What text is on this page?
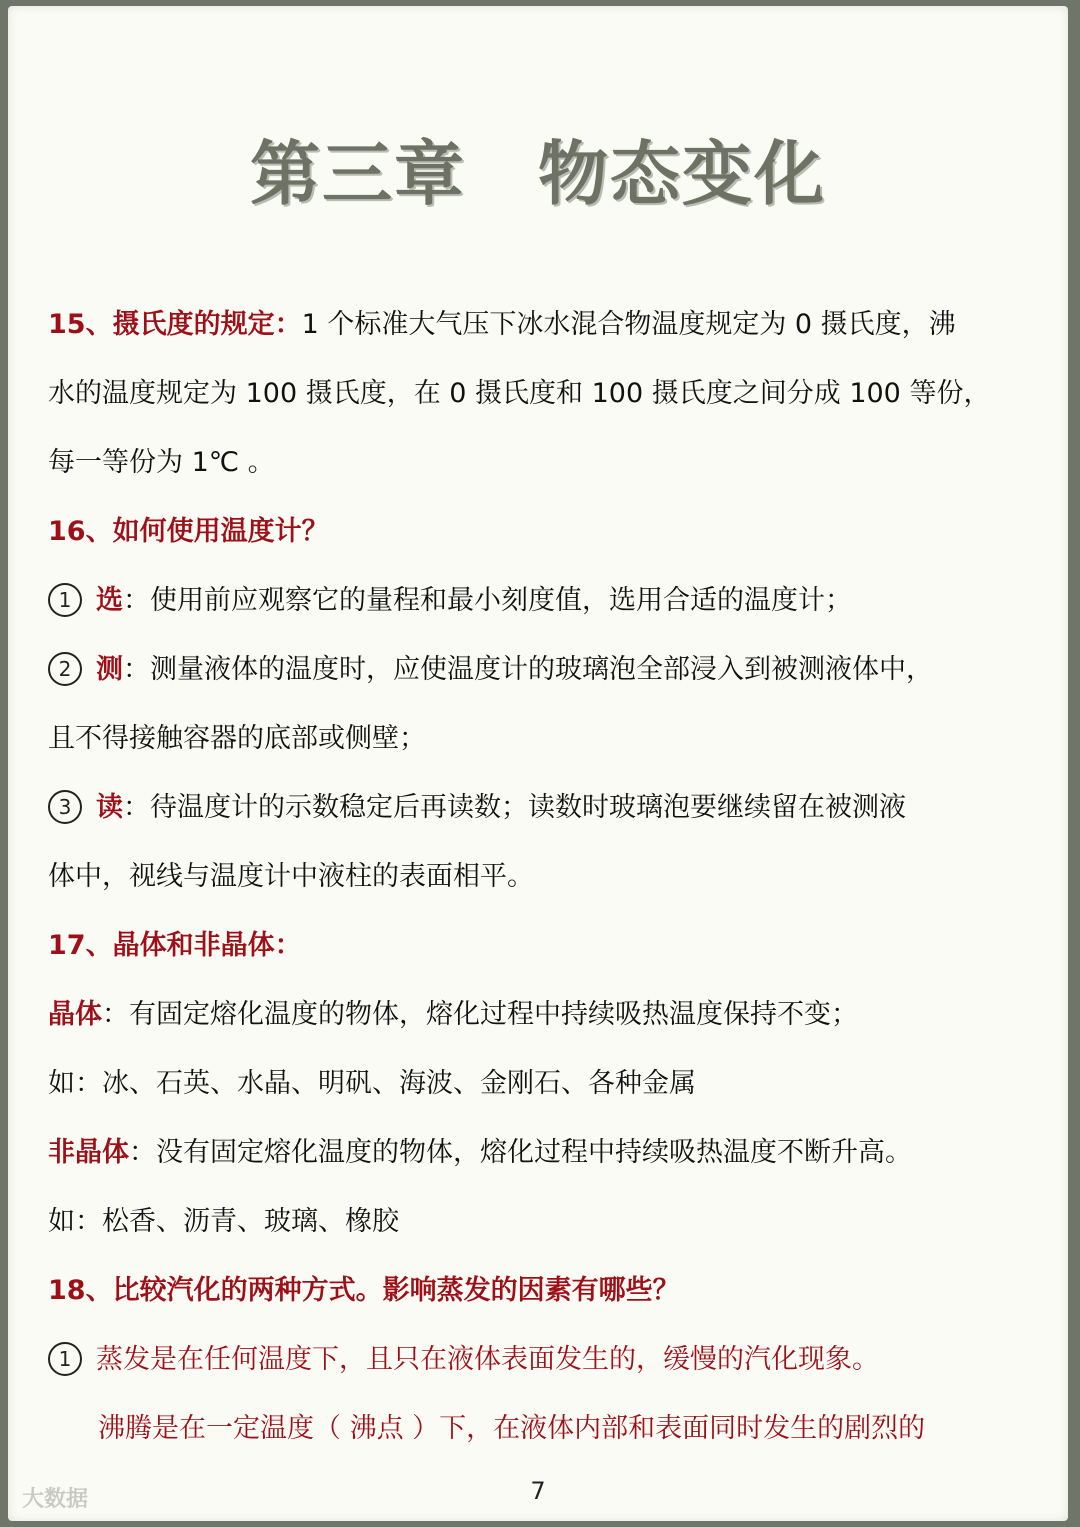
第三章　物态变化
15、摄氏度的规定：1 个标准大气压下冰水混合物温度规定为 0 摄氏度，沸
水的温度规定为 100 摄氏度，在 0 摄氏度和 100 摄氏度之间分成 100 等份，
每一等份为 1℃ 。
16、如何使用温度计？
1 选：使用前应观察它的量程和最小刻度值，选用合适的温度计；
2 测：测量液体的温度时，应使温度计的玻璃泡全部浸入到被测液体中，
且不得接触容器的底部或侧壁；
3 读：待温度计的示数稳定后再读数；读数时玻璃泡要继续留在被测液
体中，视线与温度计中液柱的表面相平。
17、晶体和非晶体：
晶体：有固定熔化温度的物体，熔化过程中持续吸热温度保持不变；
如：冰、石英、水晶、明矾、海波、金刚石、各种金属
非晶体：没有固定熔化温度的物体，熔化过程中持续吸热温度不断升高。
如：松香、沥青、玻璃、橡胶
18、比较汽化的两种方式。影响蒸发的因素有哪些？
1 蒸发是在任何温度下，且只在液体表面发生的，缓慢的汽化现象。
沸腾是在一定温度（ 沸点 ）下，在液体内部和表面同时发生的剧烈的
大数据	7
